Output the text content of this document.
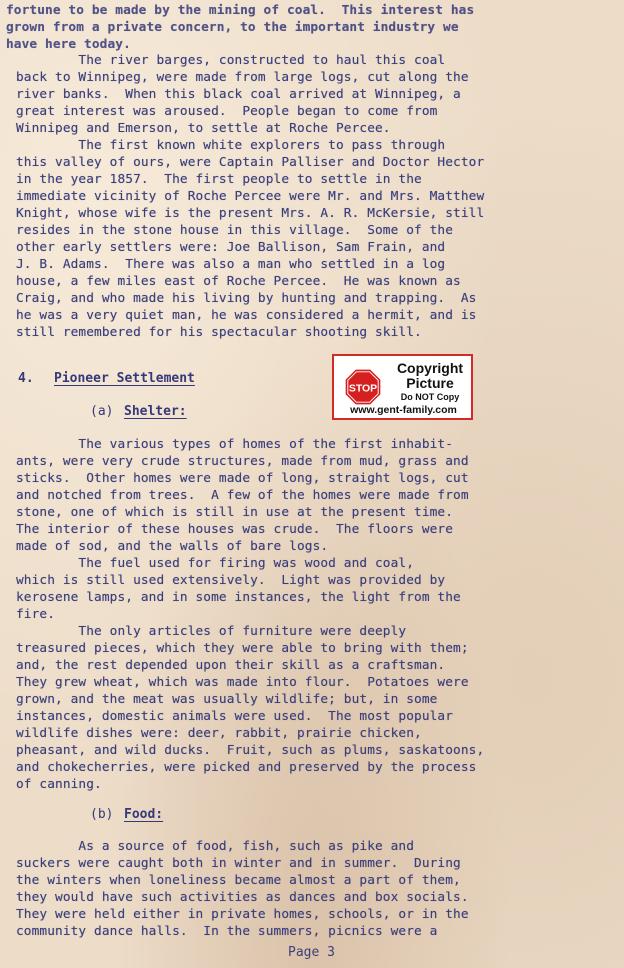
fortune to be made by the mining of coal.  This interest has
grown from a private concern, to the important industry we
have here today.
The river barges, constructed to haul this coal
back to Winnipeg, were made from large logs, cut along the
river banks.  When this black coal arrived at Winnipeg, a
great interest was aroused.  People began to come from
Winnipeg and Emerson, to settle at Roche Percee.
The first known white explorers to pass through
this valley of ours, were Captain Palliser and Doctor Hector
in the year 1857.  The first people to settle in the
immediate vicinity of Roche Percee were Mr. and Mrs. Matthew
Knight, whose wife is the present Mrs. A. R. McKersie, still
resides in the stone house in this village.  Some of the
other early settlers were: Joe Ballison, Sam Frain, and
J. B. Adams.  There was also a man who settled in a log
house, a few miles east of Roche Percee.  He was known as
Craig, and who made his living by hunting and trapping.  As
he was a very quiet man, he was considered a hermit, and is
still remembered for his spectacular shooting skill.
4. Pioneer Settlement
(a) Shelter:
The various types of homes of the first inhabit-
ants, were very crude structures, made from mud, grass and
sticks.  Other homes were made of long, straight logs, cut
and notched from trees.  A few of the homes were made from
stone, one of which is still in use at the present time.
The interior of these houses was crude.  The floors were
made of sod, and the walls of bare logs.
The fuel used for firing was wood and coal,
which is still used extensively.  Light was provided by
kerosene lamps, and in some instances, the light from the
fire.
The only articles of furniture were deeply
treasured pieces, which they were able to bring with them;
and, the rest depended upon their skill as a craftsman.
They grew wheat, which was made into flour.  Potatoes were
grown, and the meat was usually wildlife; but, in some
instances, domestic animals were used.  The most popular
wildlife dishes were: deer, rabbit, prairie chicken,
pheasant, and wild ducks.  Fruit, such as plums, saskatoons,
and chokecherries, were picked and preserved by the process
of canning.
(b) Food:
As a source of food, fish, such as pike and
suckers were caught both in winter and in summer.  During
the winters when loneliness became almost a part of them,
they would have such activities as dances and box socials.
They were held either in private homes, schools, or in the
community dance halls.  In the summers, picnics were a
Page 3
STOP
Copyright
Picture
Do NOT Copy
www.gent-family.com
